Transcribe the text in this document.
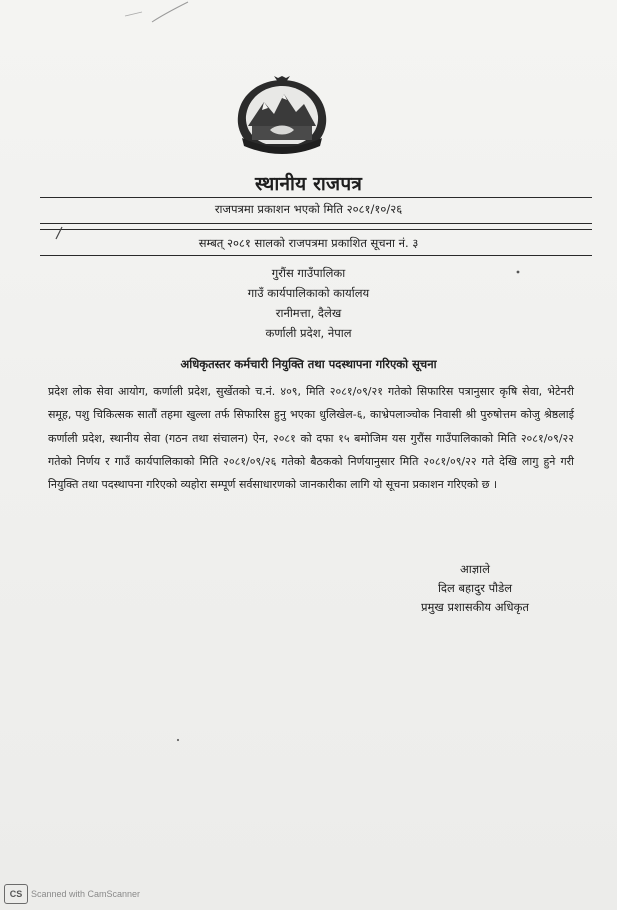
स्थानीय राजपत्र
राजपत्रमा प्रकाशन भएको मिति २०८१/१०/२६
सम्बत् २०८१ सालको राजपत्रमा प्रकाशित सूचना नं. ३
गुरौंस गाउँपालिका
गाउँ कार्यपालिकाको कार्यालय
रानीमत्ता, दैलेख
कर्णाली प्रदेश, नेपाल
अधिकृतस्तर कर्मचारी नियुक्ति तथा पदस्थापना गरिएको सूचना
प्रदेश लोक सेवा आयोग, कर्णाली प्रदेश, सुर्खेतको च.नं. ४०९, मिति २०८१/०९/२१ गतेको सिफारिस पत्रानुसार कृषि सेवा, भेटेनरी समूह, पशु चिकित्सक सातौं तहमा खुल्ला तर्फ सिफारिस हुनु भएका धुलिखेल-६, काभ्रेपलाञ्चोक निवासी श्री पुरुषोत्तम कोजु श्रेष्ठलाई कर्णाली प्रदेश, स्थानीय सेवा (गठन तथा संचालन) ऐन, २०८१ को दफा १५ बमोजिम यस गुरौंस गाउँपालिकाको मिति २०८१/०९/२२ गतेको निर्णय र गाउँ कार्यपालिकाको मिति २०८१/०९/२६ गतेको बैठकको निर्णयानुसार मिति २०८१/०९/२२ गते देखि लागु हुने गरी नियुक्ति तथा पदस्थापना गरिएको व्यहोरा सम्पूर्ण सर्वसाधारणको जानकारीका लागि यो सूचना प्रकाशन गरिएको छ ।
आज्ञाले
दिल बहादुर पौडेल
प्रमुख प्रशासकीय अधिकृत
CS Scanned with CamScanner
